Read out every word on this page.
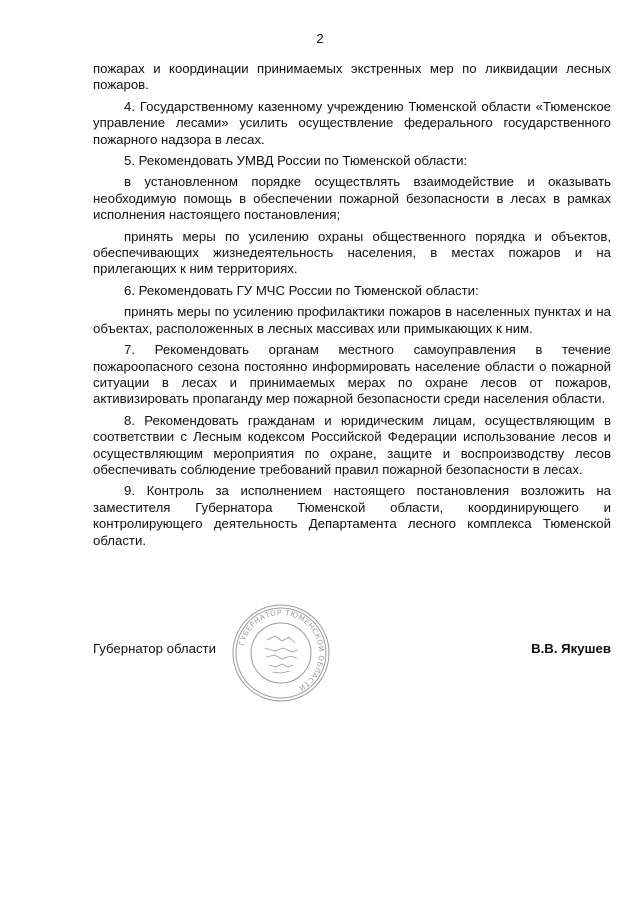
2

пожарах и координации принимаемых экстренных мер по ликвидации лесных пожаров.

4. Государственному казенному учреждению Тюменской области «Тюменское управление лесами» усилить осуществление федерального государственного пожарного надзора в лесах.

5. Рекомендовать УМВД России по Тюменской области:

в установленном порядке осуществлять взаимодействие и оказывать необходимую помощь в обеспечении пожарной безопасности в лесах в рамках исполнения настоящего постановления;

принять меры по усилению охраны общественного порядка и объектов, обеспечивающих жизнедеятельность населения, в местах пожаров и на прилегающих к ним территориях.

6. Рекомендовать ГУ МЧС России по Тюменской области:

принять меры по усилению профилактики пожаров в населенных пунктах и на объектах, расположенных в лесных массивах или примыкающих к ним.

7. Рекомендовать органам местного самоуправления в течение пожароопасного сезона постоянно информировать население области о пожарной ситуации в лесах и принимаемых мерах по охране лесов от пожаров, активизировать пропаганду мер пожарной безопасности среди населения области.

8. Рекомендовать гражданам и юридическим лицам, осуществляющим в соответствии с Лесным кодексом Российской Федерации использование лесов и осуществляющим мероприятия по охране, защите и воспроизводству лесов обеспечивать соблюдение требований правил пожарной безопасности в лесах.

9. Контроль за исполнением настоящего постановления возложить на заместителя Губернатора Тюменской области, координирующего и контролирующего деятельность Департамента лесного комплекса Тюменской области.

Губернатор области	ГУБЕРНАТОР ТЮМЕНСКОЙ ОБЛАСТИ
В.В. Якушев
